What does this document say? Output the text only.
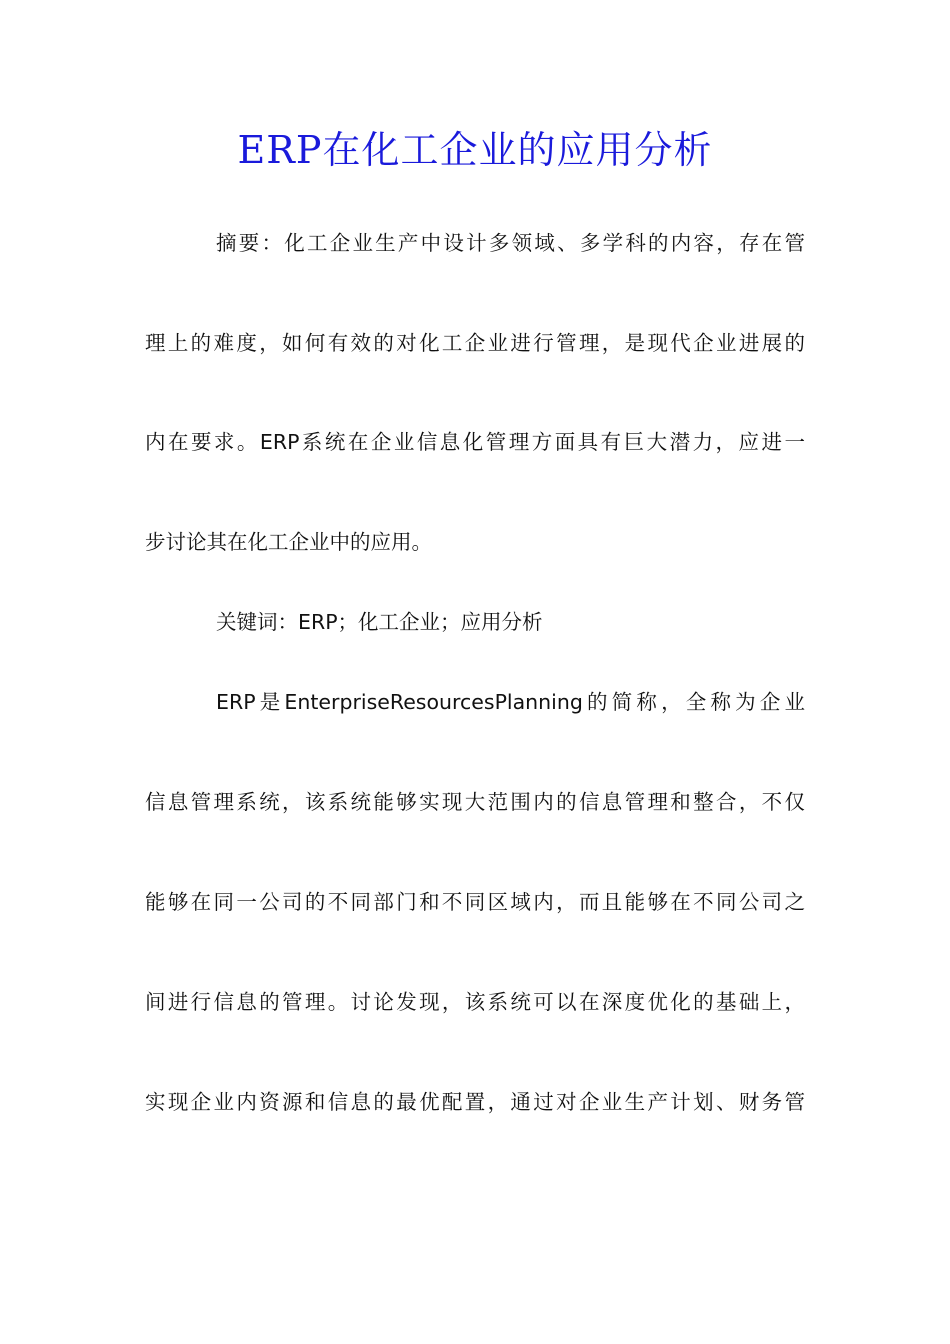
ERP在化工企业的应用分析
摘要：化工企业生产中设计多领域、多学科的内容，存在管
理上的难度，如何有效的对化工企业进行管理，是现代企业进展的
内在要求。ERP系统在企业信息化管理方面具有巨大潜力，应进一
步讨论其在化工企业中的应用。
关键词：ERP；化工企业；应用分析
ERP是EnterpriseResourcesPlanning的简称，全称为企业
信息管理系统，该系统能够实现大范围内的信息管理和整合，不仅
能够在同一公司的不同部门和不同区域内，而且能够在不同公司之
间进行信息的管理。讨论发现，该系统可以在深度优化的基础上，
实现企业内资源和信息的最优配置，通过对企业生产计划、财务管
